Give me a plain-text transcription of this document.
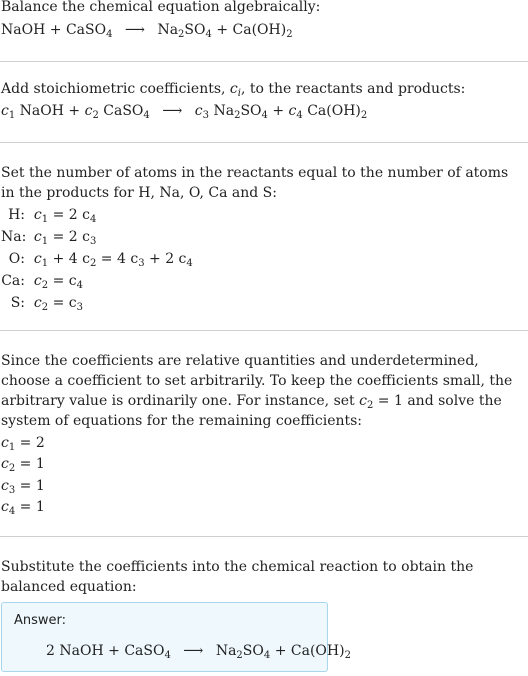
Balance the chemical equation algebraically:

NaOH + CaSO$_4$ ⟶ $Na_2SO_4 + Ca(OH)_2$

Add stoichiometric coefficients, $c_i$, to the reactants and products:

$c_1$ NaOH + $c_2$ CaSO$_4$ ⟶ $c_3$ $Na_2SO_4 + c_4$ $Ca(OH)_2$

Set the number of atoms in the reactants equal to the number of atoms in the products for H, Na, O, Ca and S:

H: $c_1 = 2$ $c_4$
Na: $c_1 = 2$ $c_3$
O: $c_1 + 4$ $c_2 = 4$ $c_3 + 2$ $c_4$
Ca: $c_2 = c_4$
S: $c_2 = c_3$

Since the coefficients are relative quantities and underdetermined, choose a coefficient to set arbitrarily. To keep the coefficients small, the arbitrary value is ordinarily one. For instance, set $c_2 = 1$ and solve the system of equations for the remaining coefficients:

$c_1 = 2$
$c_2 = 1$
$c_3 = 1$
$c_4 = 1$

Substitute the coefficients into the chemical reaction to obtain the balanced equation:

Answer:
2 NaOH + CaSO$_4$ ⟶ $Na_2SO_4 + Ca(OH)_2$
